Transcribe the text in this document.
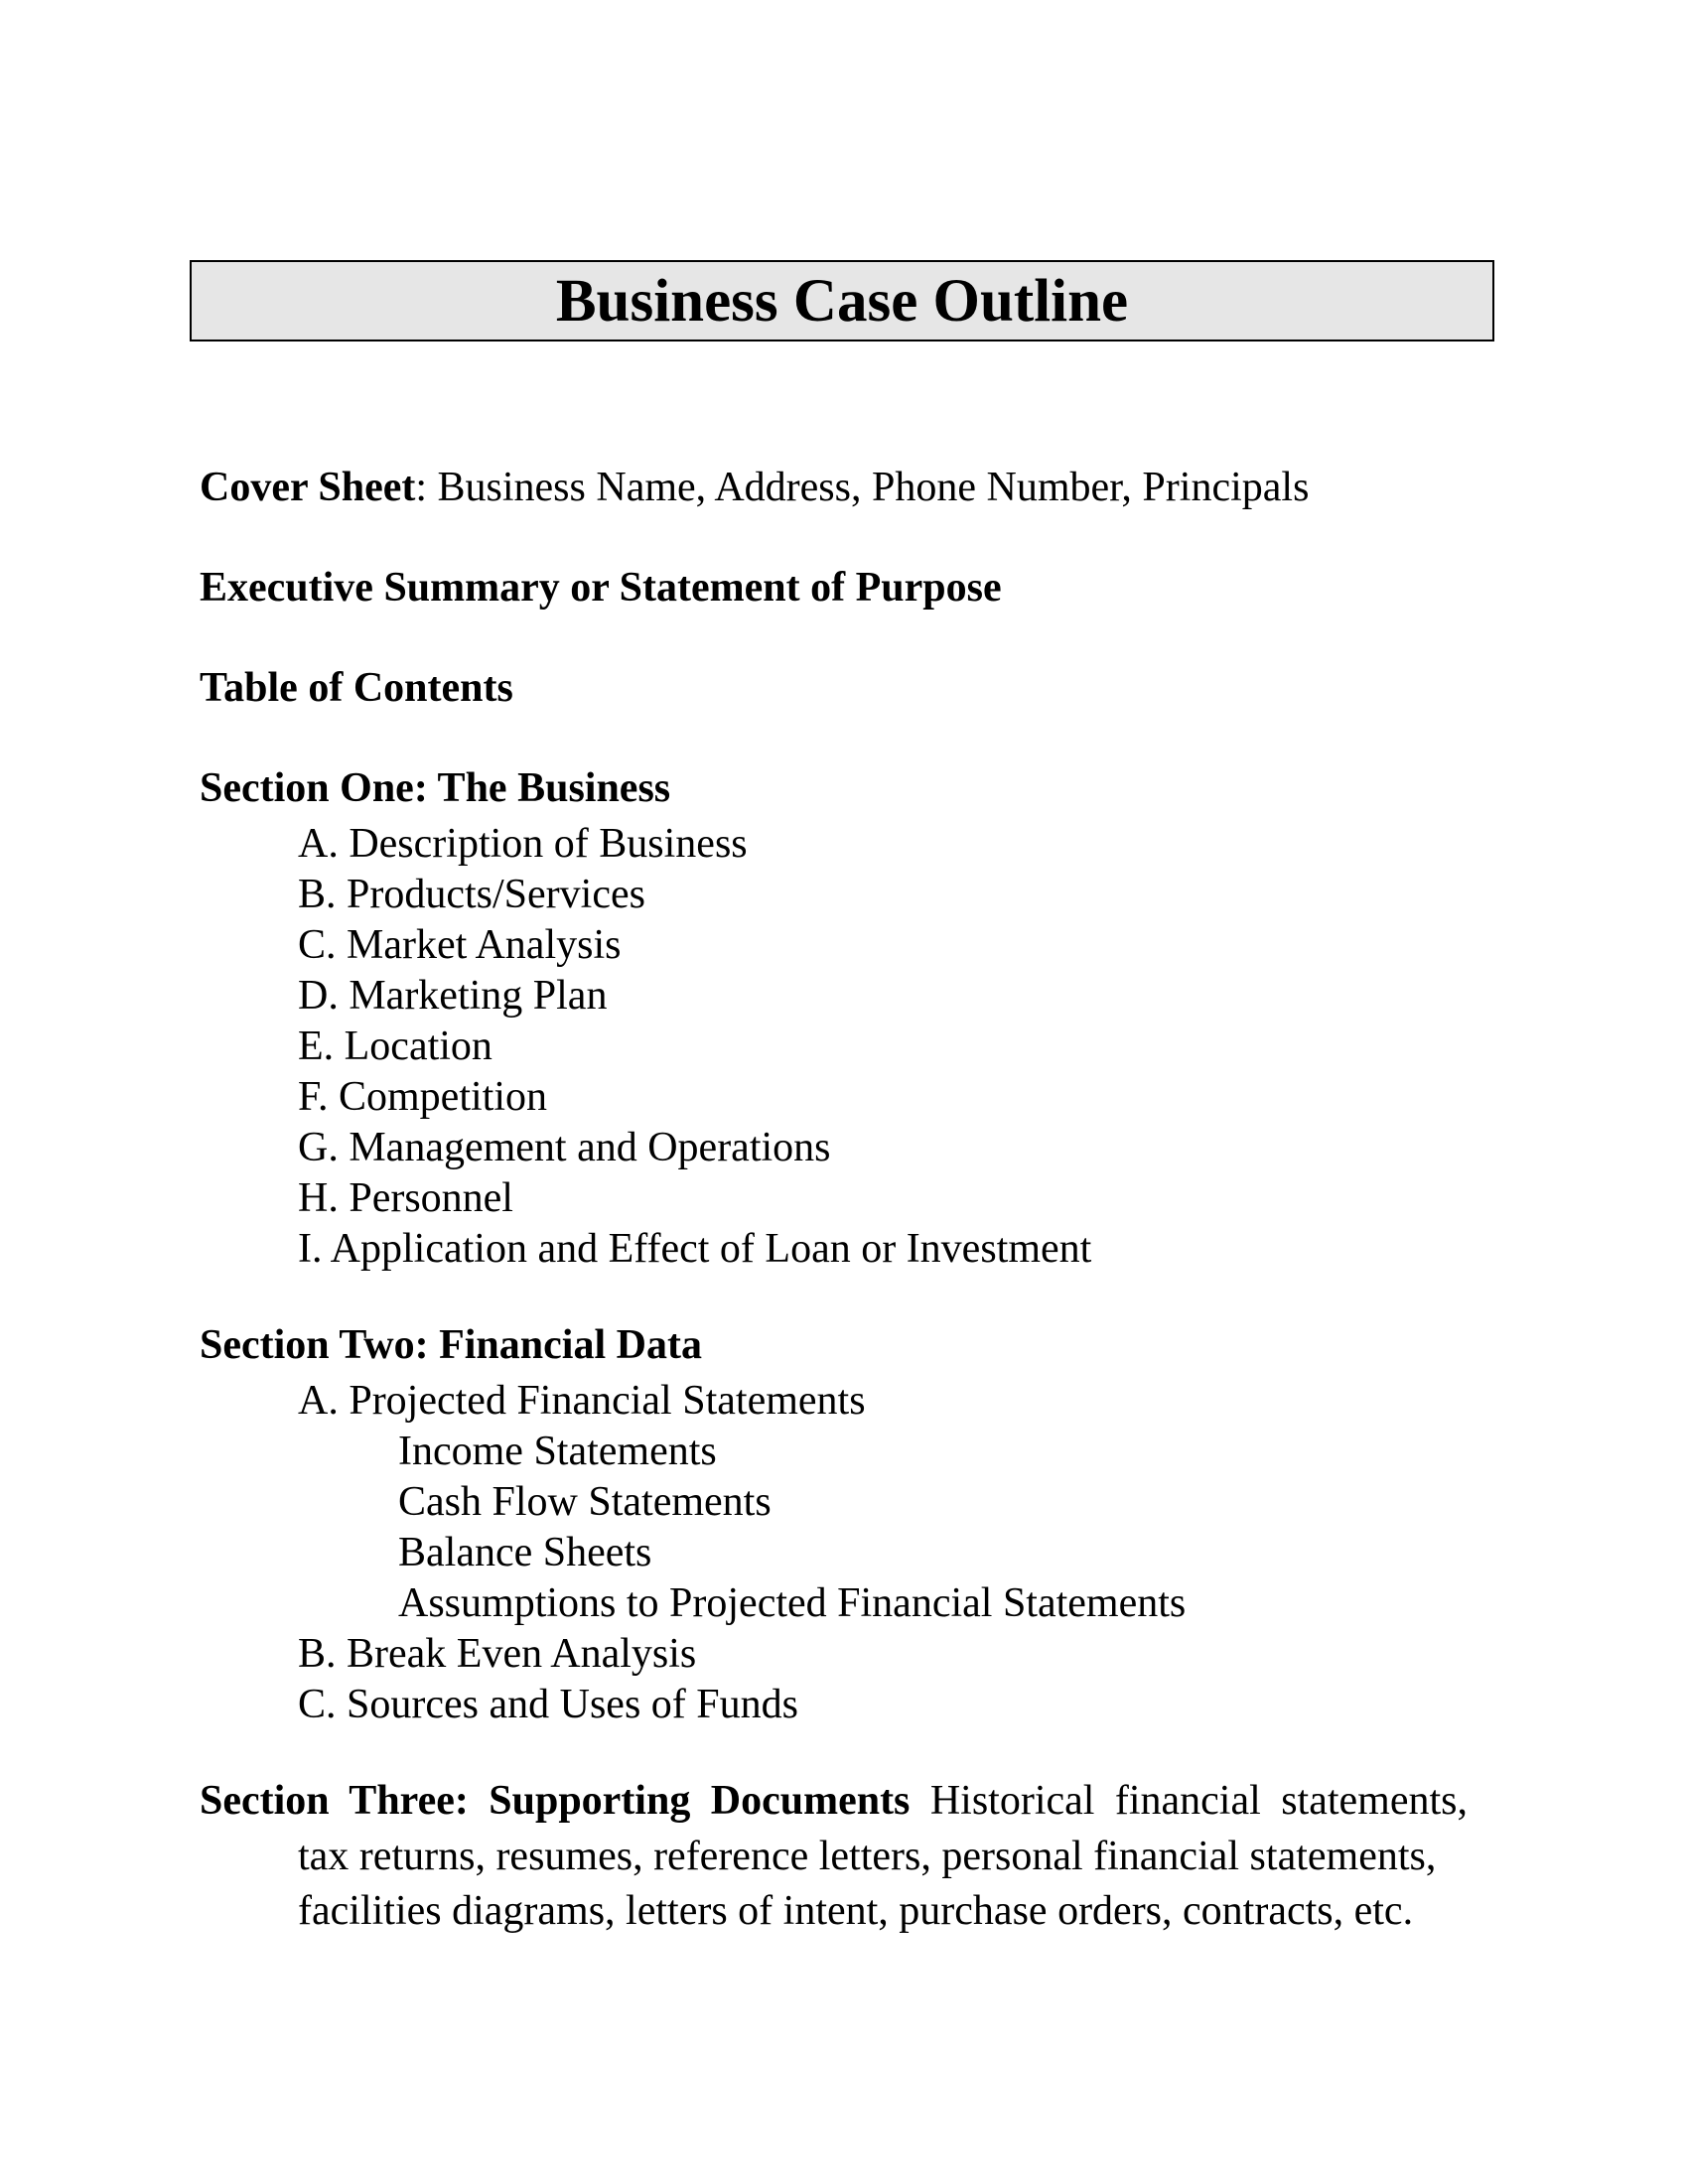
Business Case Outline
Cover Sheet: Business Name, Address, Phone Number, Principals
Executive Summary or Statement of Purpose
Table of Contents
Section One: The Business
A. Description of Business
B. Products/Services
C. Market Analysis
D. Marketing Plan
E. Location
F. Competition
G. Management and Operations
H. Personnel
I. Application and Effect of Loan or Investment
Section Two: Financial Data
A. Projected Financial Statements
Income Statements
Cash Flow Statements
Balance Sheets
Assumptions to Projected Financial Statements
B. Break Even Analysis
C. Sources and Uses of Funds
Section Three: Supporting Documents Historical financial statements,
tax returns, resumes, reference letters, personal financial statements,
facilities diagrams, letters of intent, purchase orders, contracts, etc.
